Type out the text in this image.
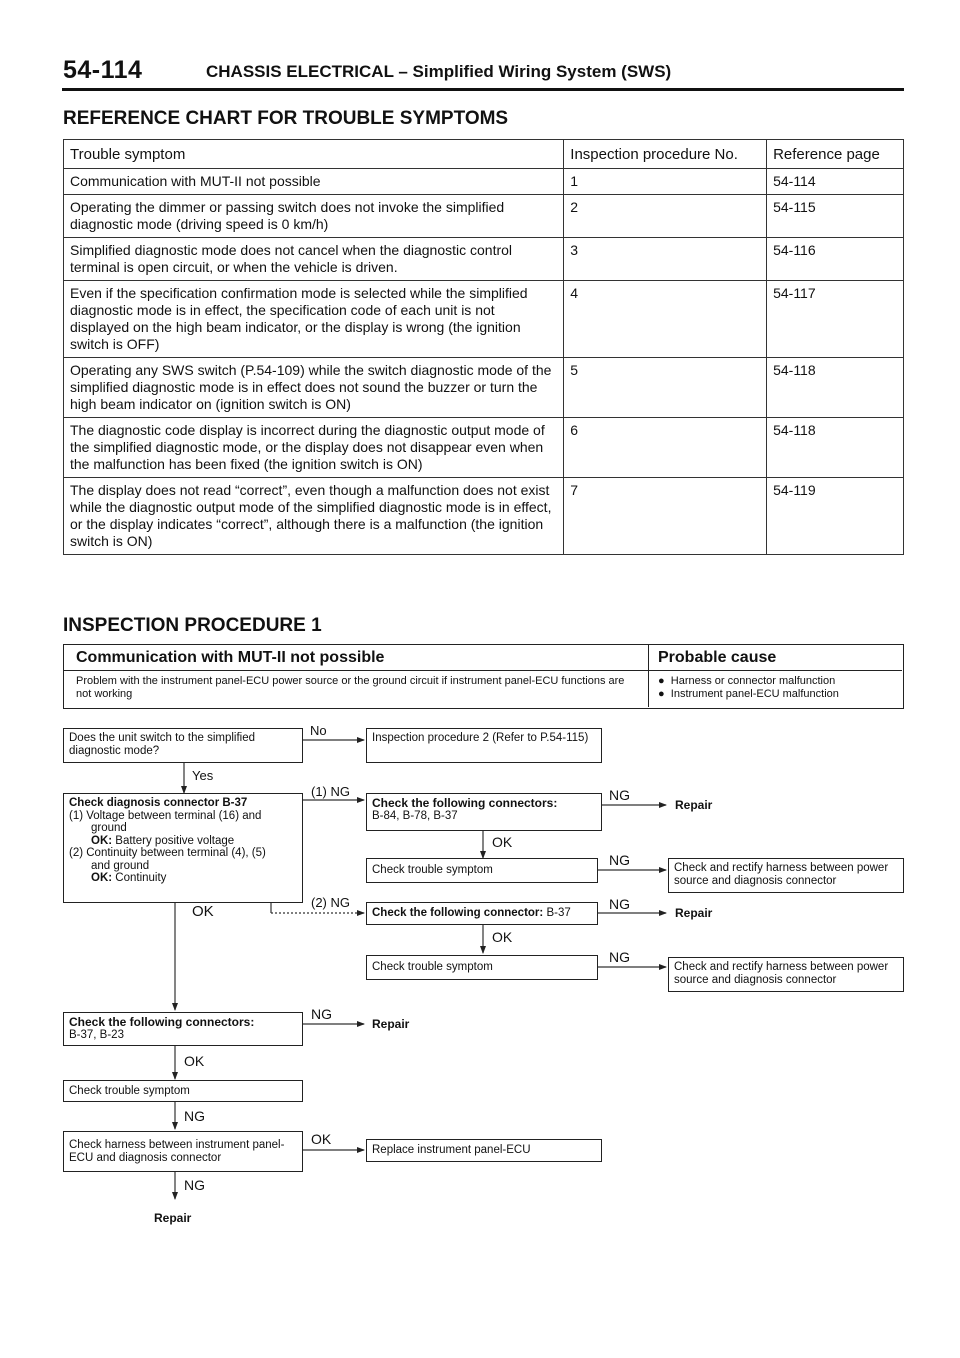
54-114	CHASSIS ELECTRICAL – Simplified Wiring System (SWS)
REFERENCE CHART FOR TROUBLE SYMPTOMS
Trouble symptom	Inspection procedure No.	Reference page
Communication with MUT-II not possible	1	54-114
Operating the dimmer or passing switch does not invoke the simplified diagnostic mode (driving speed is 0 km/h)	2	54-115
Simplified diagnostic mode does not cancel when the diagnostic control terminal is open circuit, or when the vehicle is driven.	3	54-116
Even if the specification confirmation mode is selected while the simplified diagnostic mode is in effect, the specification code of each unit is not displayed on the high beam indicator, or the display is wrong (the ignition switch is OFF)	4	54-117
Operating any SWS switch (P.54-109) while the switch diagnostic mode of the simplified diagnostic mode is in effect does not sound the buzzer or turn the high beam indicator on (ignition switch is ON)	5	54-118
The diagnostic code display is incorrect during the diagnostic output mode of the simplified diagnostic mode, or the display does not disappear even when the malfunction has been fixed (the ignition switch is ON)	6	54-118
The display does not read “correct”, even though a malfunction does not exist while the diagnostic output mode of the simplified diagnostic mode is in effect, or the display indicates “correct”, although there is a malfunction (the ignition switch is ON)	7	54-119
INSPECTION PROCEDURE 1
Communication with MUT-II not possible	Probable cause
Problem with the instrument panel-ECU power source or the ground circuit if instrument panel-ECU functions are not working
●  Harness or connector malfunction
●  Instrument panel-ECU malfunction
Does the unit switch to the simplified diagnostic mode?
No	Inspection procedure 2 (Refer to P.54-115)
Yes
Check diagnosis connector B-37
(1) Voltage between terminal (16) and
ground
OK: Battery positive voltage
(2) Continuity between terminal (4), (5)
and ground
OK: Continuity
OK
(1) NG
(2) NG
Check the following connectors:
B-84, B-78, B-37
NG
Repair
OK
Check trouble symptom
NG	Check and rectify harness between power source and diagnosis connector
Check the following connector: B-37
NG
Repair
OK
Check trouble symptom
NG
Check and rectify harness between power source and diagnosis connector
Check the following connectors:
B-37, B-23
NG
Repair
OK
Check trouble symptom
NG
Check harness between instrument panel-ECU and diagnosis connector
OK
Replace instrument panel-ECU
NG
Repair
